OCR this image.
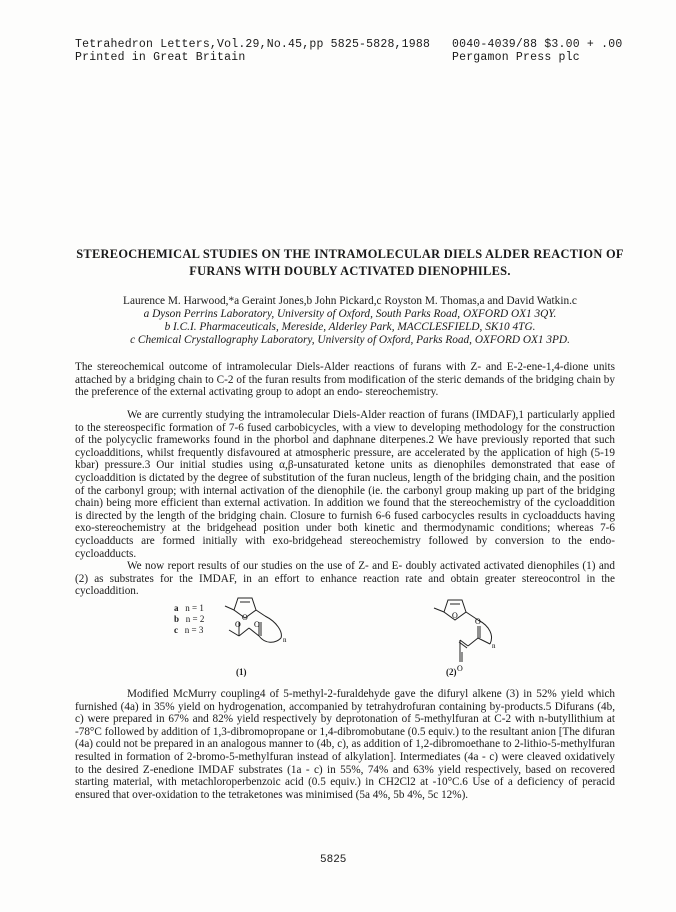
Tetrahedron Letters,Vol.29,No.45,pp 5825-5828,1988
Printed in Great Britain
0040-4039/88 $3.00 + .00
Pergamon Press plc
STEREOCHEMICAL STUDIES ON THE INTRAMOLECULAR DIELS ALDER REACTION OF
FURANS WITH DOUBLY ACTIVATED DIENOPHILES.
Laurence M. Harwood,*a Geraint Jones,b John Pickard,c Royston M. Thomas,a and David Watkin.c
a Dyson Perrins Laboratory, University of Oxford, South Parks Road, OXFORD OX1 3QY.
b I.C.I. Pharmaceuticals, Mereside, Alderley Park, MACCLESFIELD, SK10 4TG.
c Chemical Crystallography Laboratory, University of Oxford, Parks Road, OXFORD OX1 3PD.
The stereochemical outcome of intramolecular Diels-Alder reactions of furans with Z- and E-2-ene-1,4-dione units attached by a bridging chain to C-2 of the furan results from modification of the steric demands of the bridging chain by the preference of the external activating group to adopt an endo- stereochemistry.
We are currently studying the intramolecular Diels-Alder reaction of furans (IMDAF),1 particularly applied to the stereospecific formation of 7-6 fused carbobicycles, with a view to developing methodology for the construction of the polycyclic frameworks found in the phorbol and daphnane diterpenes.2 We have previously reported that such cycloadditions, whilst frequently disfavoured at atmospheric pressure, are accelerated by the application of high (5-19 kbar) pressure.3 Our initial studies using α,β-unsaturated ketone units as dienophiles demonstrated that ease of cycloaddition is dictated by the degree of substitution of the furan nucleus, length of the bridging chain, and the position of the carbonyl group; with internal activation of the dienophile (ie. the carbonyl group making up part of the bridging chain) being more efficient than external activation. In addition we found that the stereochemistry of the cycloaddition is directed by the length of the bridging chain. Closure to furnish 6-6 fused carbocycles results in cycloadducts having exo-stereochemistry at the bridgehead position under both kinetic and thermodynamic conditions; whereas 7-6 cycloadducts are formed initially with exo-bridgehead stereochemistry followed by conversion to the endo-cycloadducts.
We now report results of our studies on the use of Z- and E- doubly activated activated dienophiles (1) and (2) as substrates for the IMDAF, in an effort to enhance reaction rate and obtain greater stereocontrol in the cycloaddition.
a n = 1
b n = 2
c n = 3
O
O O
n
O
O
O
n
(1)	(2)
Modified McMurry coupling4 of 5-methyl-2-furaldehyde gave the difuryl alkene (3) in 52% yield which furnished (4a) in 35% yield on hydrogenation, accompanied by tetrahydrofuran containing by-products.5 Difurans (4b, c) were prepared in 67% and 82% yield respectively by deprotonation of 5-methylfuran at C-2 with n-butyllithium at -78°C followed by addition of 1,3-dibromopropane or 1,4-dibromobutane (0.5 equiv.) to the resultant anion [The difuran (4a) could not be prepared in an analogous manner to (4b, c), as addition of 1,2-dibromoethane to 2-lithio-5-methylfuran resulted in formation of 2-bromo-5-methylfuran instead of alkylation]. Intermediates (4a - c) were cleaved oxidatively to the desired Z-enedione IMDAF substrates (1a - c) in 55%, 74% and 63% yield respectively, based on recovered starting material, with metachloroperbenzoic acid (0.5 equiv.) in CH2Cl2 at -10°C.6 Use of a deficiency of peracid ensured that over-oxidation to the tetraketones was minimised (5a 4%, 5b 4%, 5c 12%).
5825
